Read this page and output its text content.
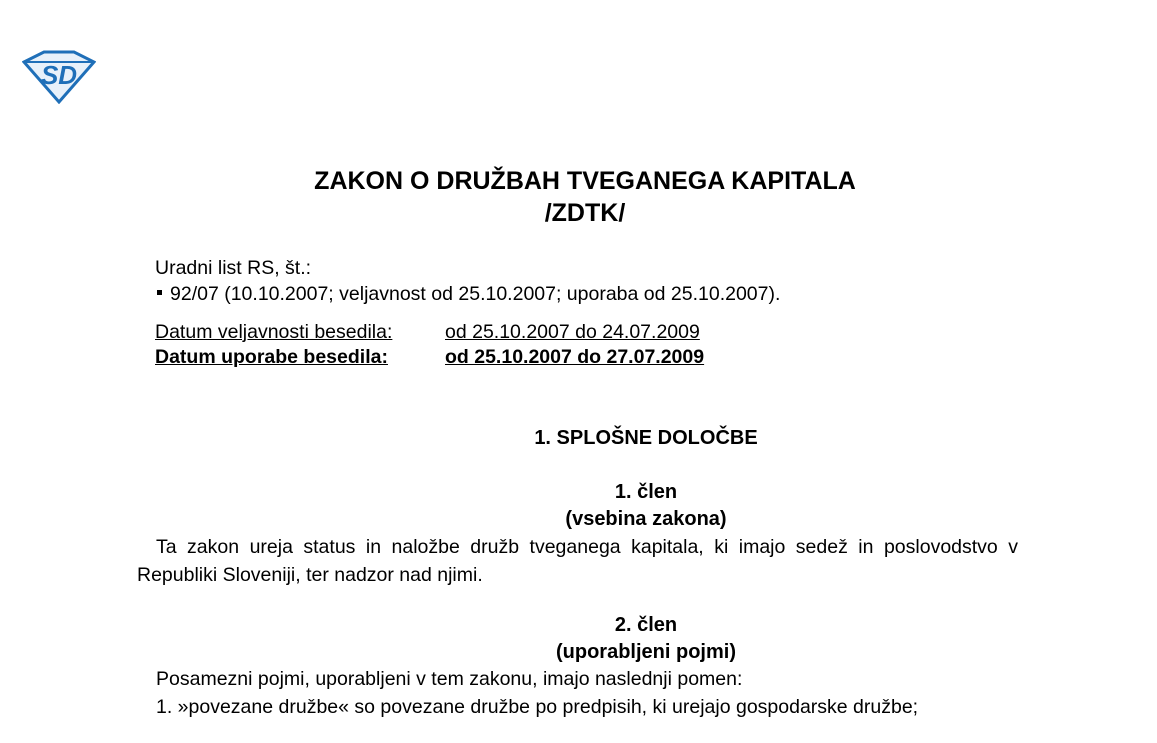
SD
ZAKON O DRUŽBAH TVEGANEGA KAPITALA
/ZDTK/
Uradni list RS, št.:
92/07 (10.10.2007; veljavnost od 25.10.2007; uporaba od 25.10.2007).
Datum veljavnosti besedila:	od 25.10.2007 do 24.07.2009
Datum uporabe besedila:	od 25.10.2007 do 27.07.2009
1. SPLOŠNE DOLOČBE
1. člen
(vsebina zakona)
Ta zakon ureja status in naložbe družb tveganega kapitala, ki imajo sedež in poslovodstvo v Republiki Sloveniji, ter nadzor nad njimi.
2. člen
(uporabljeni pojmi)
Posamezni pojmi, uporabljeni v tem zakonu, imajo naslednji pomen:
1. »povezane družbe« so povezane družbe po predpisih, ki urejajo gospodarske družbe;
